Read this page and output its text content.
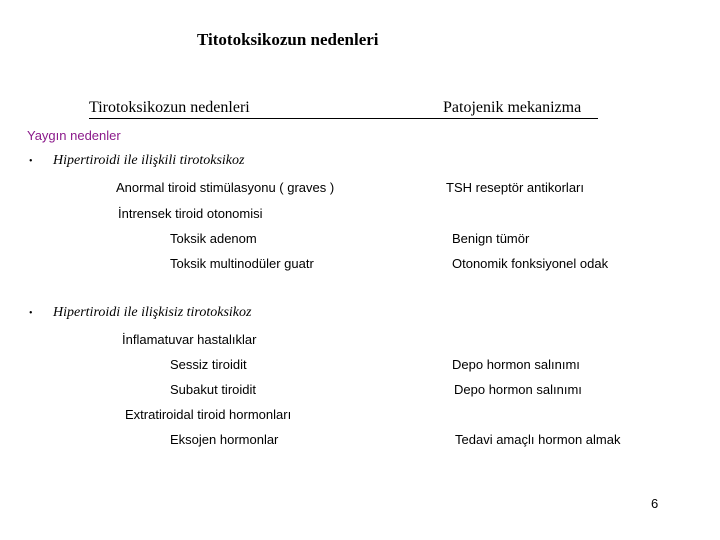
Titotoksikozun nedenleri
Tirotoksikozun nedenleri	Patojenik mekanizma
Yaygın nedenler
• Hipertiroidi ile ilişkili tirotoksikoz
Anormal tiroid stimülasyonu ( graves )	TSH reseptör antikorları
İntrensek tiroid otonomisi
Toksik adenom	Benign tümör
Toksik multinodüler guatr	Otonomik fonksiyonel odak
• Hipertiroidi ile ilişkisiz tirotoksikoz
İnflamatuvar hastalıklar
Sessiz tiroidit	Depo hormon salınımı
Subakut tiroidit	Depo hormon salınımı
Extratiroidal tiroid hormonları
Eksojen hormonlar	Tedavi amaçlı hormon almak
6
